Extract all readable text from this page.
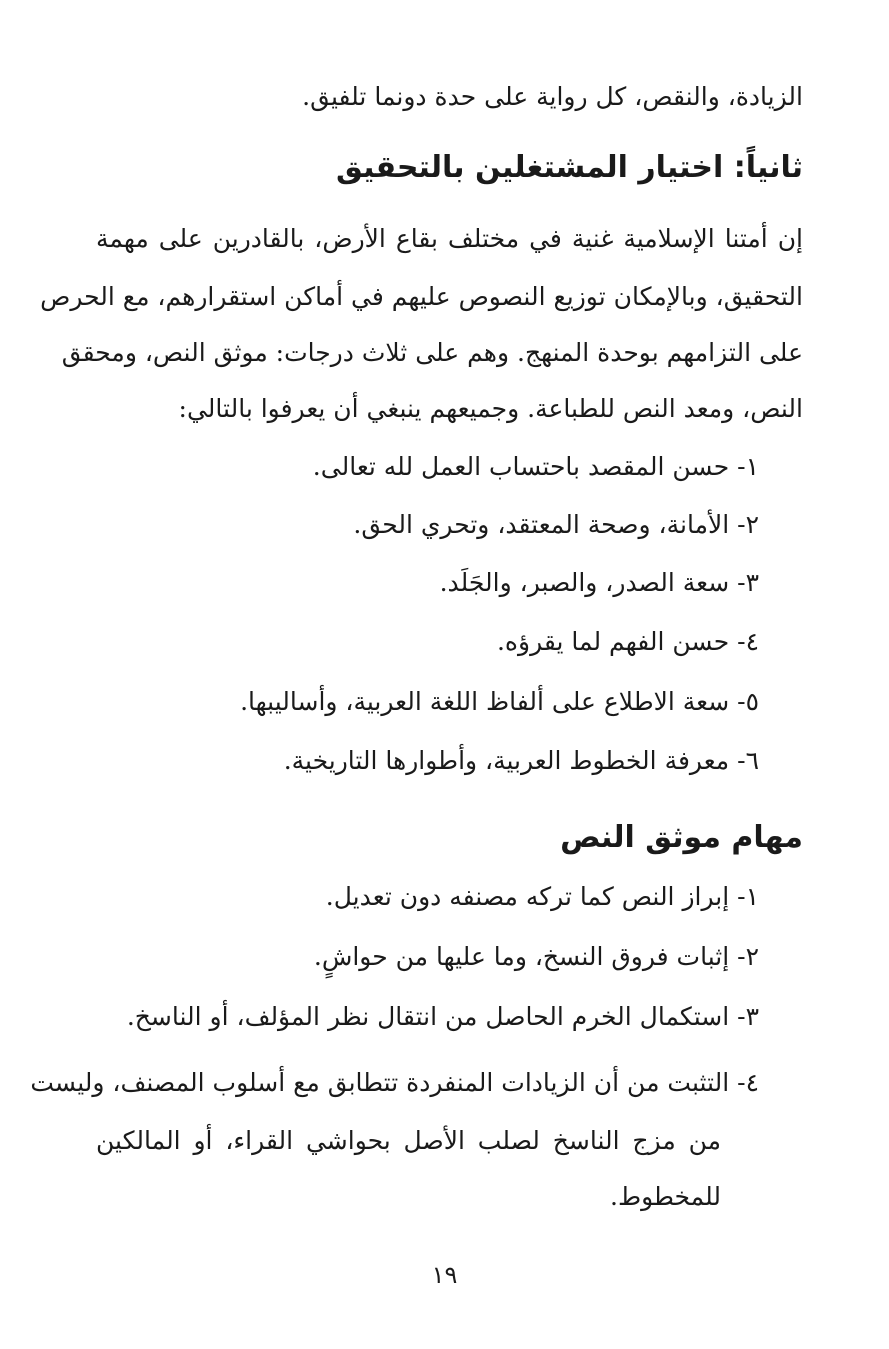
الزيادة، والنقص، كل رواية على حدة دونما تلفيق.
ثانياً: اختيار المشتغلين بالتحقيق
إن أمتنا الإسلامية غنية في مختلف بقاع الأرض، بالقادرين على مهمة
التحقيق، وبالإمكان توزيع النصوص عليهم في أماكن استقرارهم، مع الحرص
على التزامهم بوحدة المنهج. وهم على ثلاث درجات: موثق النص، ومحقق
النص، ومعد النص للطباعة. وجميعهم ينبغي أن يعرفوا بالتالي:
١- حسن المقصد باحتساب العمل لله تعالى.
٢- الأمانة، وصحة المعتقد، وتحري الحق.
٣- سعة الصدر، والصبر، والجَلَد.
٤- حسن الفهم لما يقرؤه.
٥- سعة الاطلاع على ألفاظ اللغة العربية، وأساليبها.
٦- معرفة الخطوط العربية، وأطوارها التاريخية.
مهام موثق النص
١- إبراز النص كما تركه مصنفه دون تعديل.
٢- إثبات فروق النسخ، وما عليها من حواشٍ.
٣- استكمال الخرم الحاصل من انتقال نظر المؤلف، أو الناسخ.
٤- التثبت من أن الزيادات المنفردة تتطابق مع أسلوب المصنف، وليست
من مزج الناسخ لصلب الأصل بحواشي القراء، أو المالكين
للمخطوط.
١٩
